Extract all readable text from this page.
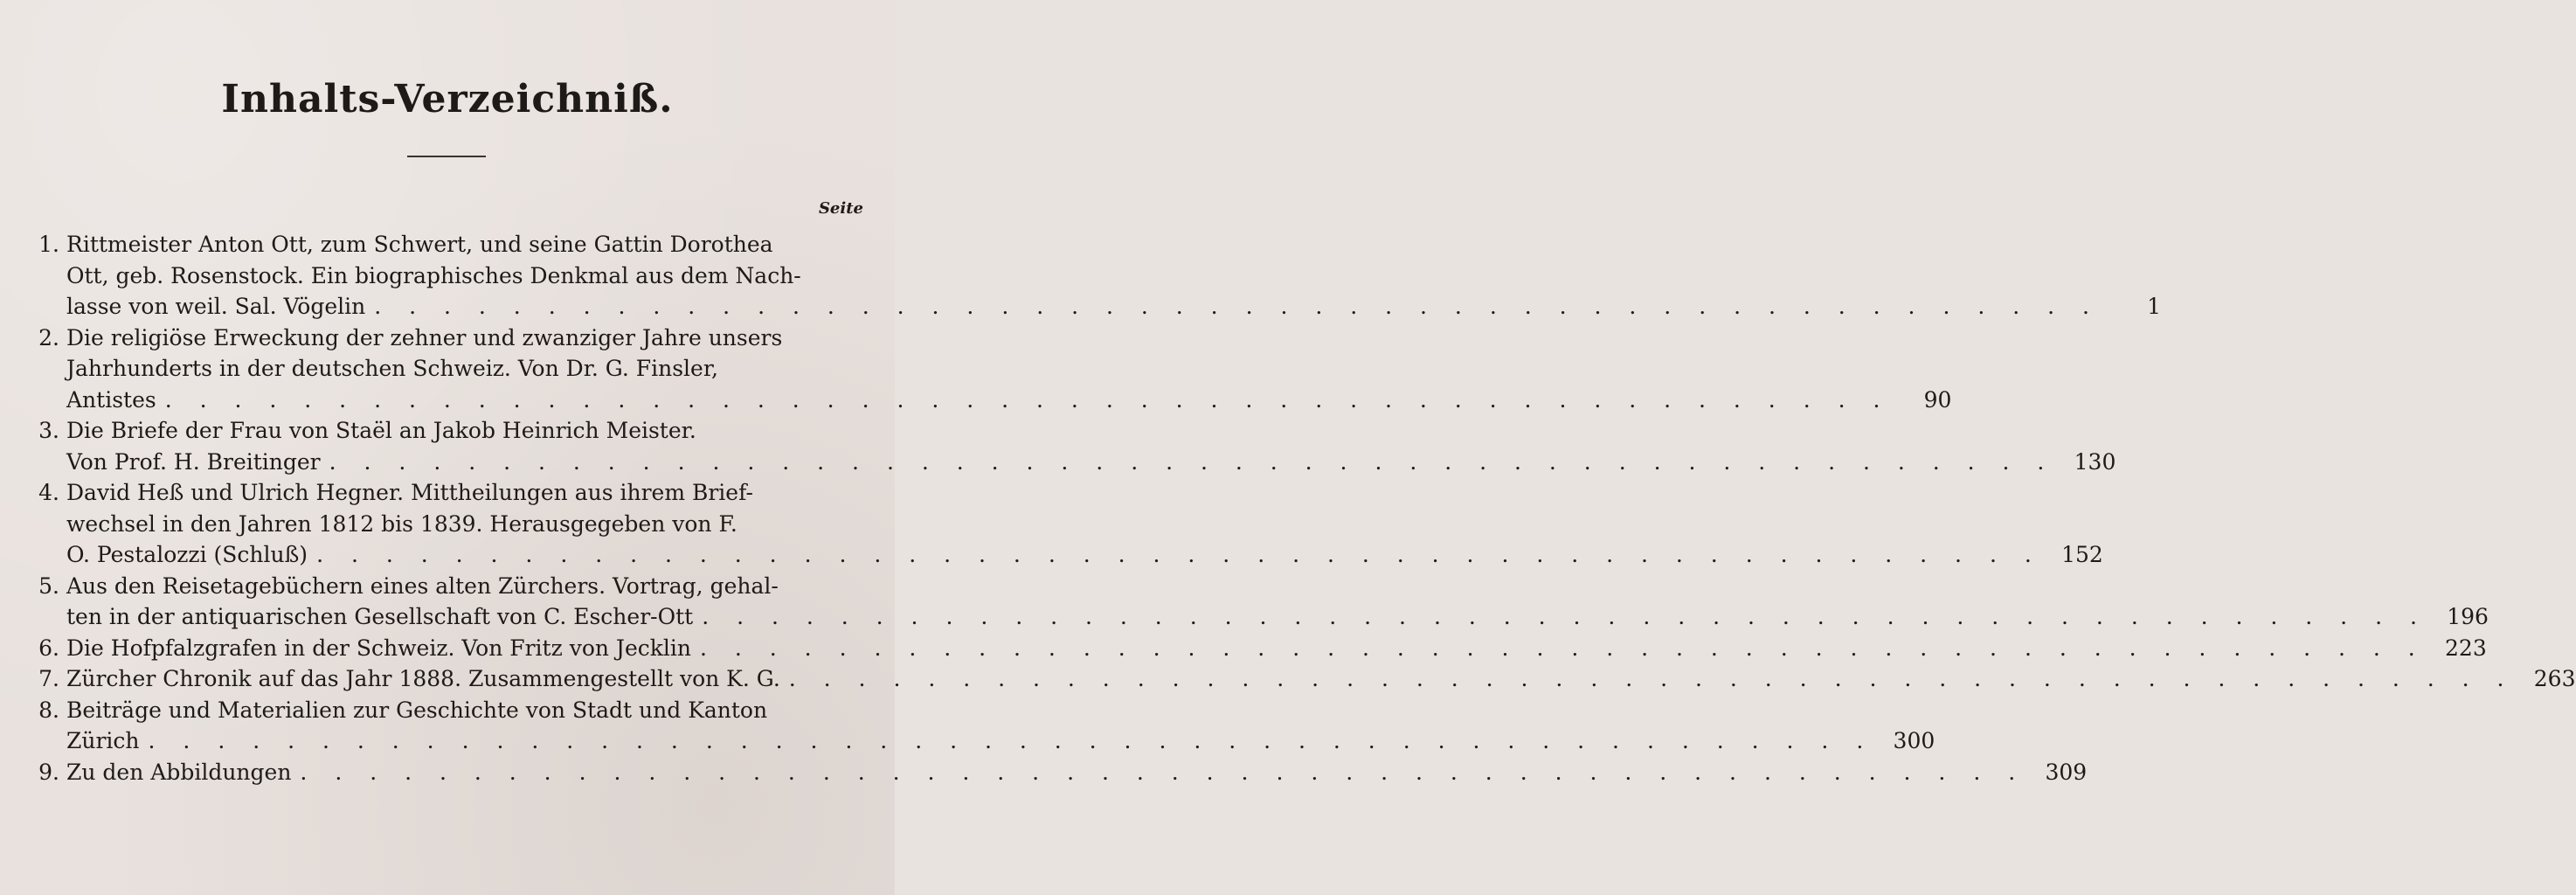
Inhalts-Verzeichniß.
Seite
1. Rittmeister Anton Ott, zum Schwert, und seine Gattin Dorothea
Ott, geb. Rosenstock. Ein biographisches Denkmal aus dem Nach-
lasse von weil. Sal. Vögelin . . .	1
2. Die religiöse Erweckung der zehner und zwanziger Jahre unsers
Jahrhunderts in der deutschen Schweiz. Von Dr. G. Finsler,
Antistes . . .	90
3. Die Briefe der Frau von Staël an Jakob Heinrich Meister.
Von Prof. H. Breitinger . . .	130
4. David Heß und Ulrich Hegner. Mittheilungen aus ihrem Brief-
wechsel in den Jahren 1812 bis 1839. Herausgegeben von F.
O. Pestalozzi (Schluß) . . .	152
5. Aus den Reisetagebüchern eines alten Zürchers. Vortrag, gehal-
ten in der antiquarischen Gesellschaft von C. Escher-Ott . . .	196
6. Die Hofpfalzgrafen in der Schweiz. Von Fritz von Jecklin . . .	223
7. Zürcher Chronik auf das Jahr 1888. Zusammengestellt von K. G. . . .	263
8. Beiträge und Materialien zur Geschichte von Stadt und Kanton
Zürich . . .	300
9. Zu den Abbildungen . . .	309
